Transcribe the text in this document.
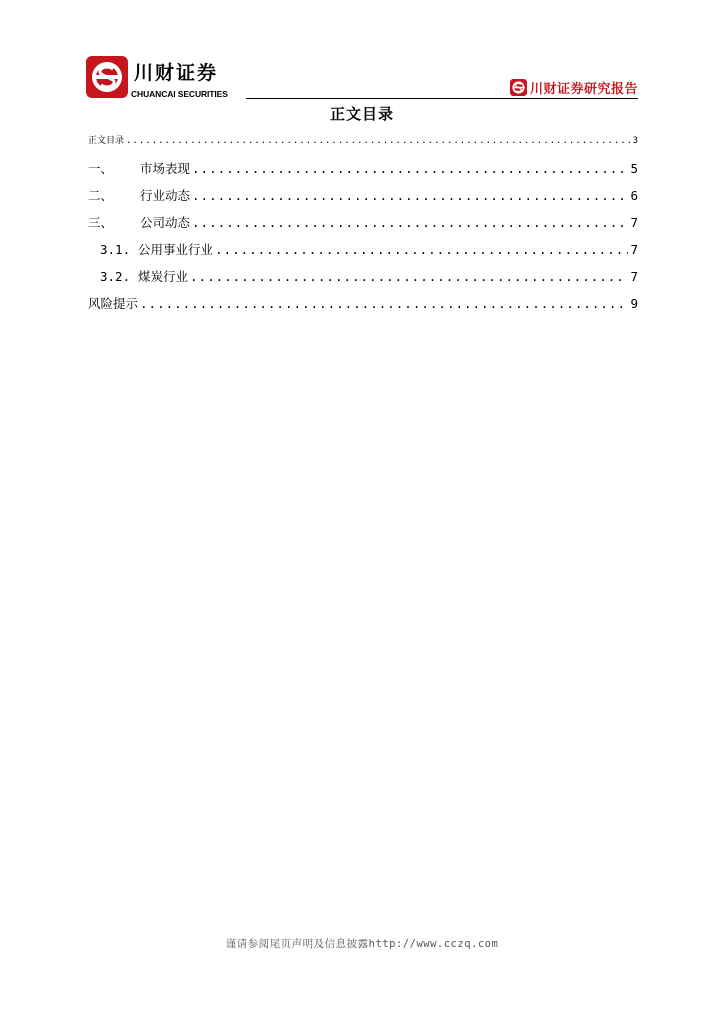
川财证券
CHUANCAI SECURITIES	川财证券研究报告
正文目录
正文目录 .....	3
一、	市场表现 .....	5
二、	行业动态 .....	6
三、	公司动态 .....	7
3.1. 公用事业行业 .....	7
3.2. 煤炭行业 .....	7
风险提示 .....	9
谨请参阅尾页声明及信息披露http://www.cczq.com
